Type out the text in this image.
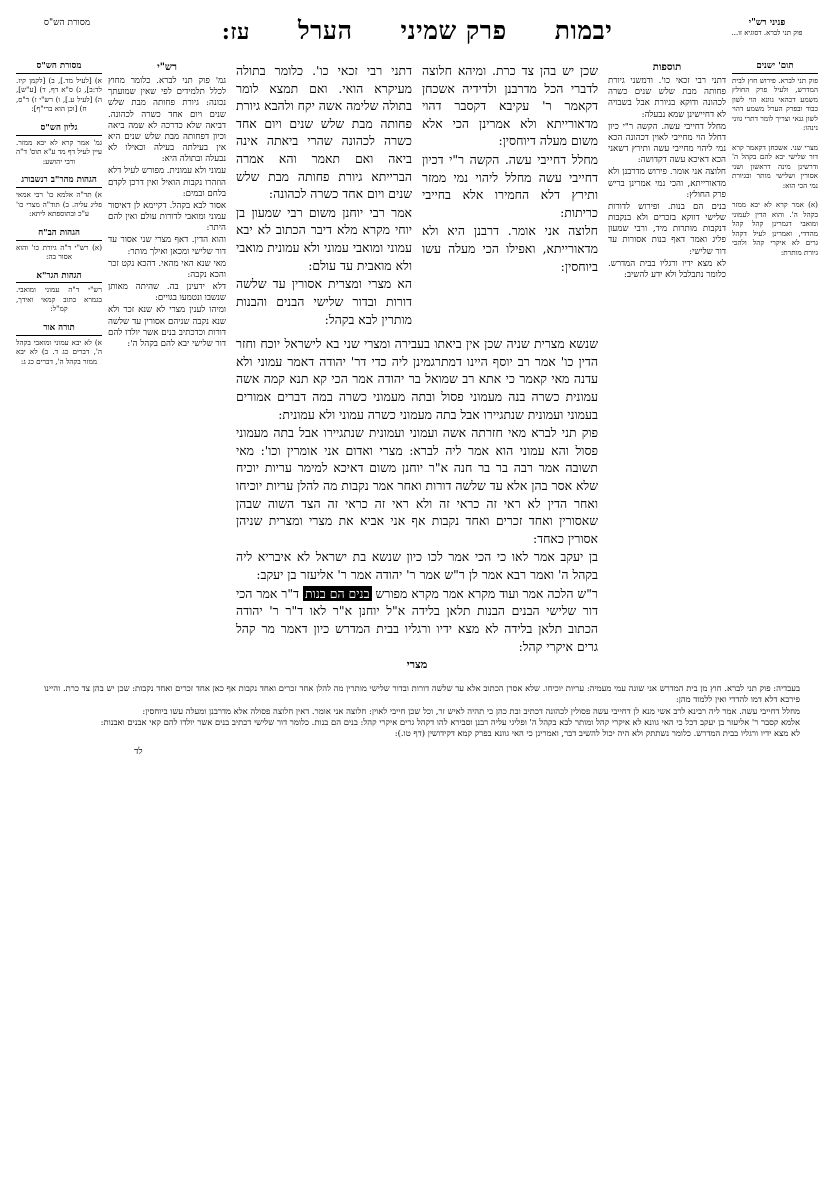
מסורת הש"ס	עז: הערל פרק שמיני יבמות	פניני רש"י
פוק תני לברא. דסוגיא זו...
מסורת הש"ס
א) [לעיל מד.], ב) [לקמן קיז. לד:ב], ג) ס"א דף, ד) [ע"ש], ה) [לעיל ע.], ו) רש"י ז) ד"ס, ח) [וכן הוא ברי"ף]:
גליון הש"ס
גמ' אמר קרא לא יבא ממזר. עיין לעיל דף מד ע"א תוס' ד"ה ורבי יהושע:
הגהות מהר"ב רנשבורג
א) תד"ה אלמא כו' רבי אמאי פליג עליה. ב) תוד"ה מצרי כו' ע"כ ובתוספתא ליתא:
הגהות הב"ח
(א) רש"י ד"ה גיורת כו' והוא אסור בה:
הגהות הגר"א
רש"י ד"ה עמוני ומואבי. בגמרא כתוב קמאי ואידך, קמ"ל:
תורה אור
א) לא יבא עמוני ומואבי בקהל ה', דברים כג ד. ב) לא יבא ממזר בקהל ה', דברים כג ג:
רש"י

גמ' פוק תני לברא. כלומר מחוץ לכלל תלמידים לפי שאין שמועתך נכונה: גיורת פחותה מבת שלש שנים ויום אחד כשרה לכהונה. דביאה שלא כדרכה לא שמה ביאה וכיון דפחותה מבת שלש שנים היא אין בעילתה בעילה וכאילו לא נבעלה ובתולה היא:

עמוני ולא עמונית. מפורש לעיל דלא הוזהרו נקבות הואיל ואין דרכן לקדם בלחם ובמים:

אסור לבא בקהל. דקיימא לן דאיסור עמוני ומואבי לדורות עולם ואין להם היתר:

והוא הדין. דאף מצרי שני אסור עד דור שלישי ומכאן ואילך מותר:

מאי שנא האי מהאי. דהכא נקט זכר והכא נקבה:

דלא ידעינן בה. שהיתה מאותן שנשבו ונטמעו בגויים:

ומיהו לענין מצרי לא שנא זכר ולא שנא נקבה שניהם אסורין עד שלשה דורות וכדכתיב בנים אשר יולדו להם דור שלישי יבא להם בקהל ה':

דתני רבי זכאי כו'. כלומר בתולה מעיקרא הואי. ואם תמצא לומר בתולה שלימה אשה יקח ולהבא גיורת פחותה מבת שלש שנים ויום אחד כשרה לכהונה שהרי ביאתה אינה ביאה ואם תאמר והא אמרה הברייתא גיורת פחותה מבת שלש שנים ויום אחד כשרה לכהונה:

אמר רבי יוחנן משום רבי שמעון בן יוחי מקרא מלא דיבר הכתוב לא יבא עמוני ומואבי עמוני ולא עמונית מואבי ולא מואבית עד עולם:

הא מצרי ומצרית אסורין עד שלשה דורות ובדור שלישי הבנים והבנות מותרין לבא בקהל:

שכן יש בהן צד כרת. ומיהא חלוצה לדברי הכל מדרבנן ולדידיה אשכחן דקאמר ר' עקיבא דקסבר דהוי מדאורייתא ולא אמרינן הכי אלא משום מעלה דיוחסין:

מחלל דחייבי עשה. הקשה ר"י דכיון דחייבי עשה מחלל ליהוי נמי ממזר ותירץ דלא החמירו אלא בחייבי כריתות:

חלוצה אני אומר. דרבנן היא ולא מדאורייתא, ואפילו הכי מעלה עשו ביוחסין:

שנשא מצרית שניה שכן אין ביאתו בעבירה ומצרי שני בא לישראל יוכח וחזר הדין כו' אמר רב יוסף היינו דמתרגמינן ליה כדי דר' יהודה דאמר עמוני ולא עדנה מאי קאמר כי אתא רב שמואל בר יהודה אמר הכי קא תנא קמה אשה עמונית כשרה בנה מעמוני פסול ובתה מעמוני כשרה במה דברים אמורים בעמוני ועמונית שנתגיירו אבל בתה מעמוני כשרה עמוני ולא עמונית:

פוק תני לברא מאי חזרתה אשה ועמוני ועמונית שנתגיירו אבל בתה מעמוני פסול והא עמוני הוא אמר ליה לברא: מצרי ואדום אני אומרין וכו': מאי תשובה אמר רבה בר בר חנה א"ר יוחנן משום דאיכא למימר עריות יוכיח שלא אסר בהן אלא עד שלשה דורות ואחר אמר נקבות מה להלן עריות יוכיחו ואחר הדין לא ראי זה כראי זה ולא ראי זה כראי זה הצד השוה שבהן שאסורין ואחד זכרים ואחד נקבות אף אני אביא את מצרי ומצרית שניהן אסורין כאחד:

בן יעקב אמר לאו כי הכי אמר לכו כיון שנשא בת ישראל לא איבריא ליה בקהל ה' ואמר רבא אמר לן ר"ש אמר ר' יהודה אמר ר' אליעזר בן יעקב:

ר"ש הלכה אמר ועוד מקרא אמר מקרא מפורש ‏בנים הם בנות‏ ד"ר אמר הכי דור שלישי הבנים הבנות תלאן בלידה א"ל יוחנן א"ר לאו ד"ר ר' יהודה הכתוב תלאן בלידה לא מצא ידיו ורגליו בבית המדרש כיון דאמר מר קהל גרים איקרי קהל:

מצרי
תוספות

דתני רבי זכאי כו'. ודמשני גיורת פחותה מבת שלש שנים כשרה לכהונה ודוקא בגיורת אבל בשבויה לא דחיישינן שמא נבעלה:

מחלל דחייבי עשה. הקשה ר"י כיון דחלל הוי מחייבי לאוין דכהונה הכא נמי ליהוי מחייבי עשה ותירץ דשאני הכא דאיכא עשה דקדושה:

חלוצה אני אומר. פירוש מדרבנן ולא מדאורייתא, והכי נמי אמרינן בריש פרק החולץ:

בנים הם בנות. ופירוש לדורות שלישי דווקא בזכרים ולא בנקבות דנקבות מותרות מיד, ורבי שמעון פליג ואמר דאף בנות אסורות עד דור שלישי:

לא מצא ידיו ורגליו בבית המדרש. כלומר נתבלבל ולא ידע להשיב:

תום' ישנים
פוק תני לברא. פירוש חוץ לבית המדרש, ולעיל פרק החולץ משמע דכהאי גוונא הוי לשון כבוד ובפרק הערל משמע דהוי לשון גנאי וצריך לומר דתרי גווני נינהו:
מצרי שני. אשכחן דקאמר קרא דור שלישי יבא להם בקהל ה' ודרשינן מינה דראשון ושני אסורין ושלישי מותר ובגיורת נמי הכי הוא:
(א) אמר קרא לא יבא ממזר בקהל ה'. והוא הדין לעמוני ומואבי דגמרינן קהל קהל מהדדי, ואמרינן לעיל דקהל גרים לא איקרי קהל ולהכי גיורת מותרת:

בעבדיה: פוק תני לברא. חוץ מן בית המדרש אני שונה עמי מעמיה: עריות יוכיחו. שלא אסרן הכתוב אלא עד שלשה דורות ובדור שלישי מותרין מה להלן אחד זכרים ואחד נקבות אף כאן אחד זכרים ואחד נקבות: שכן יש בהן צד כרת. והיינו פירכא דלא דמו להדדי ואין ללמוד מהן:

מחלל דחייבי עשה. אמר ליה רבינא לרב אשי מנא לן דחייבי עשה פסולין לכהונה דכתיב ובת כהן כי תהיה לאיש זר, וכל שכן חייבי לאוין: חלוצה אני אומר. דאין חלוצה פסולה אלא מדרבנן ומעלה עשו ביוחסין:

אלמא קסבר ר' אליעזר בן יעקב דכל כי האי גוונא לא איקרי קהל ומותר לבא בקהל ה' ופליגי עליה רבנן וסבירא להו דקהל גרים איקרי קהל: בנים הם בנות. כלומר דור שלישי דכתיב בנים אשר יולדו להם קאי אבנים ואבנות:

לא מצא ידיו ורגליו בבית המדרש. כלומר נשתתק ולא היה יכול להשיב דבר, ואמרינן כי האי גוונא בפרק קמא דקידושין (דף טו.):

לד
